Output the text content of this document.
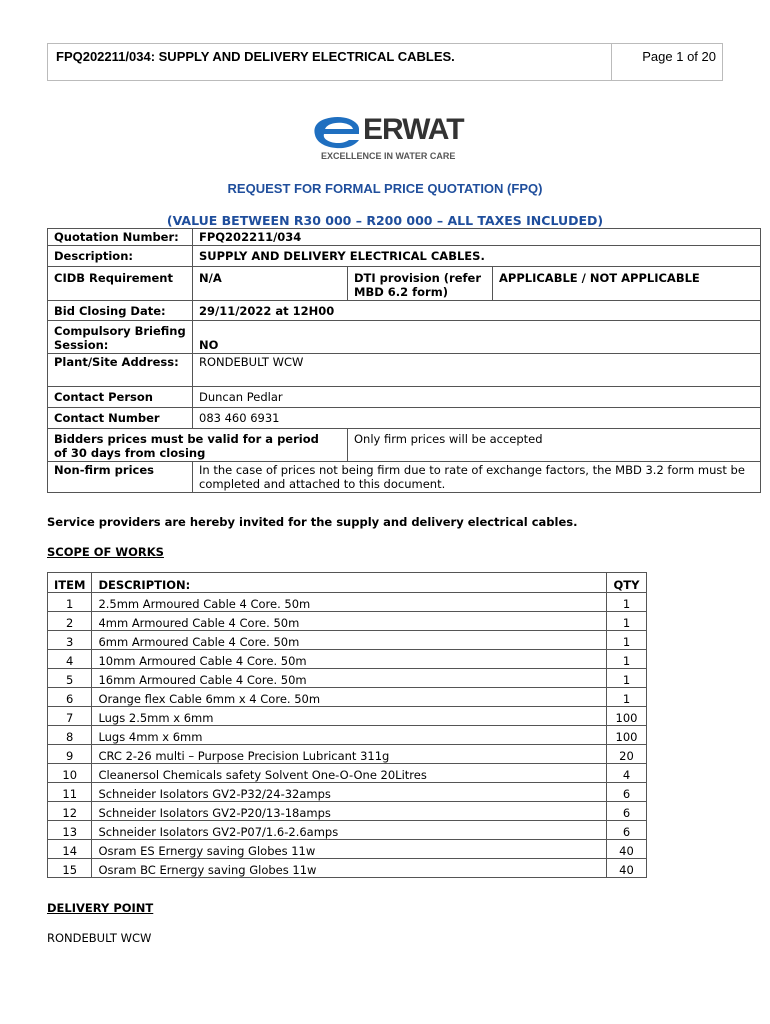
FPQ202211/034: SUPPLY AND DELIVERY ELECTRICAL CABLES.	Page 1 of 20
ERWAT
EXCELLENCE IN WATER CARE
REQUEST FOR FORMAL PRICE QUOTATION (FPQ)
(VALUE BETWEEN R30 000 – R200 000 – ALL TAXES INCLUDED)
Quotation Number:	FPQ202211/034		
Description:	SUPPLY AND DELIVERY ELECTRICAL CABLES.		
CIDB Requirement	N/A	DTI provision (refer MBD 6.2 form)	APPLICABLE / NOT APPLICABLE
Bid Closing Date:	29/11/2022 at 12H00		
Compulsory Briefing Session:	NO		
Plant/Site Address:	RONDEBULT WCW		
Contact Person	Duncan Pedlar		
Contact Number	083 460 6931		
Bidders prices must be valid for a period of 30 days from closing		Only firm prices will be accepted	
Non-firm prices	In the case of prices not being firm due to rate of exchange factors, the MBD 3.2 form must be completed and attached to this document.		
Service providers are hereby invited for the supply and delivery electrical cables.
SCOPE OF WORKS
ITEM	DESCRIPTION:	QTY
1	2.5mm Armoured Cable 4 Core. 50m	1
2	4mm Armoured Cable 4 Core. 50m	1
3	6mm Armoured Cable 4 Core. 50m	1
4	10mm Armoured Cable 4 Core. 50m	1
5	16mm Armoured Cable 4 Core. 50m	1
6	Orange flex Cable 6mm x 4 Core. 50m	1
7	Lugs 2.5mm x 6mm	100
8	Lugs 4mm x 6mm	100
9	CRC 2-26 multi – Purpose Precision Lubricant 311g	20
10	Cleanersol Chemicals safety Solvent One-O-One 20Litres	4
11	Schneider Isolators GV2-P32/24-32amps	6
12	Schneider Isolators GV2-P20/13-18amps	6
13	Schneider Isolators GV2-P07/1.6-2.6amps	6
14	Osram ES Ernergy saving Globes 11w	40
15	Osram BC Ernergy saving Globes 11w	40
DELIVERY POINT
RONDEBULT WCW
